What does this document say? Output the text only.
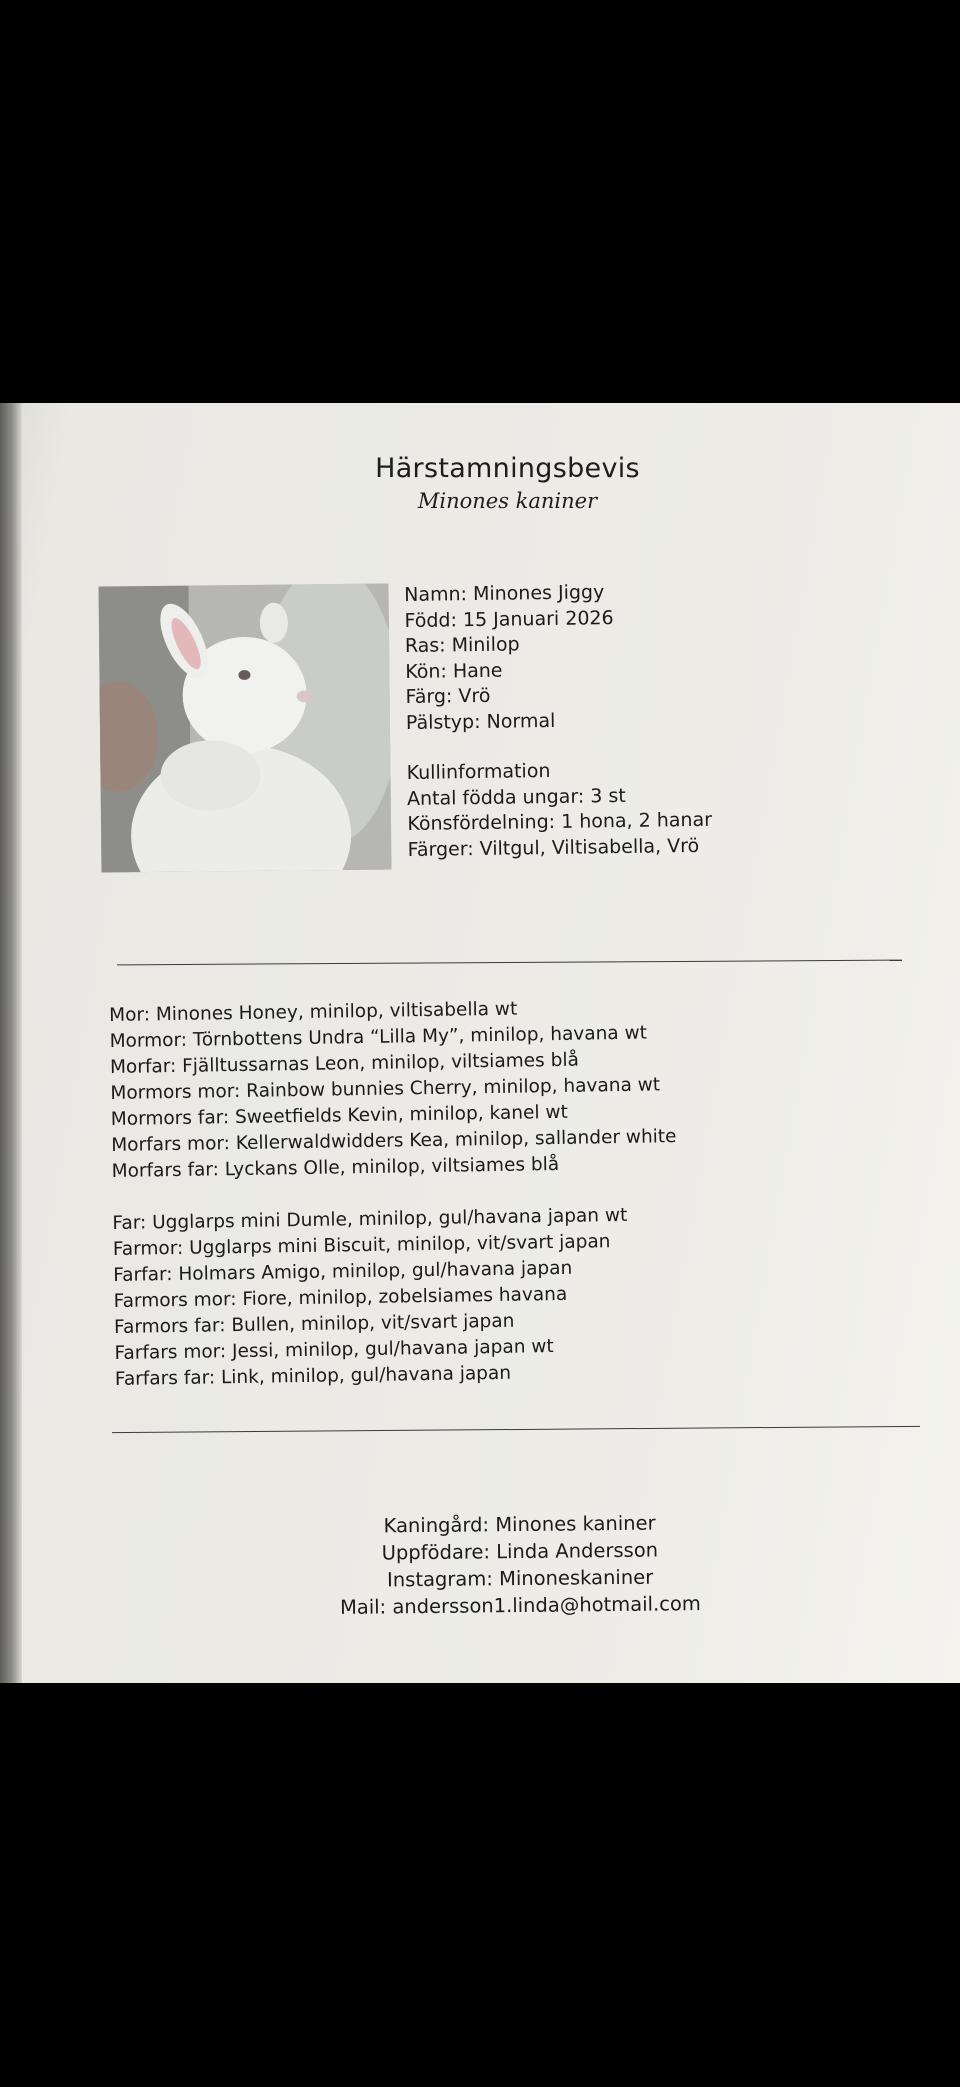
Härstamningsbevis
Minones kaniner
Namn: Minones Jiggy
Född: 15 Januari 2026
Ras: Minilop
Kön: Hane
Färg: Vrö
Pälstyp: Normal
Kullinformation
Antal födda ungar: 3 st
Könsfördelning: 1 hona, 2 hanar
Färger: Viltgul, Viltisabella, Vrö
Mor: Minones Honey, minilop, viltisabella wt
Mormor: Törnbottens Undra “Lilla My”, minilop, havana wt
Morfar: Fjälltussarnas Leon, minilop, viltsiames blå
Mormors mor: Rainbow bunnies Cherry, minilop, havana wt
Mormors far: Sweetfields Kevin, minilop, kanel wt
Morfars mor: Kellerwaldwidders Kea, minilop, sallander white
Morfars far: Lyckans Olle, minilop, viltsiames blå
Far: Ugglarps mini Dumle, minilop, gul/havana japan wt
Farmor: Ugglarps mini Biscuit, minilop, vit/svart japan
Farfar: Holmars Amigo, minilop, gul/havana japan
Farmors mor: Fiore, minilop, zobelsiames havana
Farmors far: Bullen, minilop, vit/svart japan
Farfars mor: Jessi, minilop, gul/havana japan wt
Farfars far: Link, minilop, gul/havana japan
Kaningård: Minones kaniner
Uppfödare: Linda Andersson
Instagram: Minoneskaniner
Mail: andersson1.linda@hotmail.com
